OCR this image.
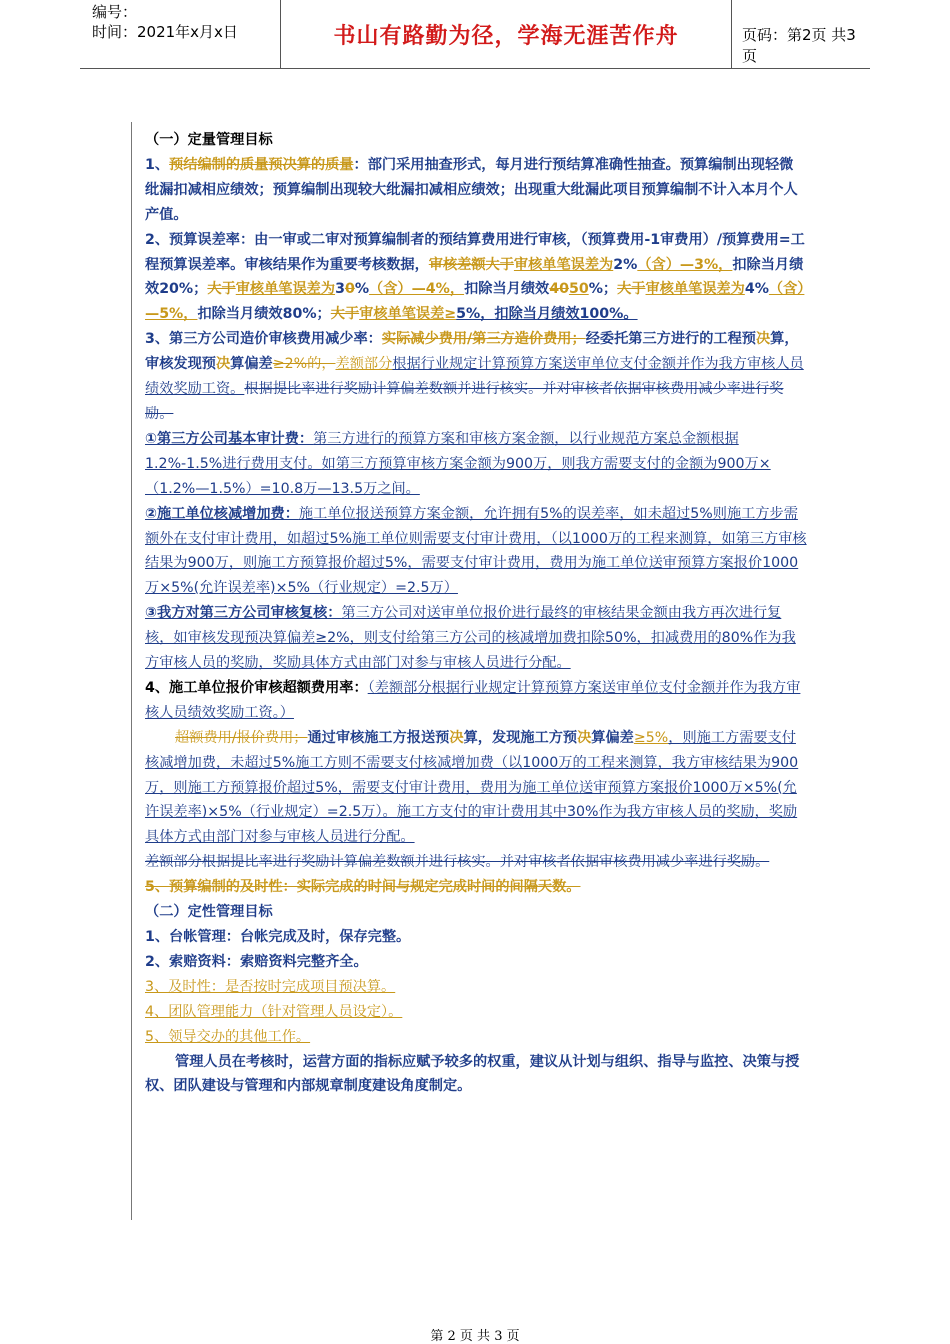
编号：
时间：2021年x月x日	书山有路勤为径，学海无涯苦作舟	页码：第2页 共3页

（一）定量管理目标

1、预结编制的质量预决算的质量：部门采用抽查形式，每月进行预结算准确性抽查。预算编制出现轻微纰漏扣减相应绩效；预算编制出现较大纰漏扣减相应绩效；出现重大纰漏此项目预算编制不计入本月个人产值。

2、预算误差率：由一审或二审对预算编制者的预结算费用进行审核，（预算费用-1审费用）/预算费用=工程预算误差率。审核结果作为重要考核数据，审核差额大于审核单笔误差为2%（含）—3%，扣除当月绩效20%；大于审核单笔误差为30%（含）—4%，扣除当月绩效4050%；大于审核单笔误差为4%（含）—5%，扣除当月绩效80%；大于审核单笔误差≥5%，扣除当月绩效100%。

3、第三方公司造价审核费用减少率：实际减少费用/第三方造价费用；经委托第三方进行的工程预决算，审核发现预决算偏差≥2%的，差额部分根据行业规定计算预算方案送审单位支付金额并作为我方审核人员绩效奖励工资。根据提比率进行奖励计算偏差数额并进行核实。并对审核者依据审核费用减少率进行奖励。

①第三方公司基本审计费：第三方进行的预算方案和审核方案金额，以行业规范方案总金额根据1.2%-1.5%进行费用支付。如第三方预算审核方案金额为900万，则我方需要支付的金额为900万×（1.2%—1.5%）=10.8万—13.5万之间。

②施工单位核减增加费：施工单位报送预算方案金额，允许拥有5%的误差率，如未超过5%则施工方步需额外在支付审计费用，如超过5%施工单位则需要支付审计费用，（以1000万的工程来测算，如第三方审核结果为900万，则施工方预算报价超过5%，需要支付审计费用，费用为施工单位送审预算方案报价1000万×5%(允许误差率)×5%（行业规定）=2.5万）

③我方对第三方公司审核复核：第三方公司对送审单位报价进行最终的审核结果金额由我方再次进行复核，如审核发现预决算偏差≥2%，则支付给第三方公司的核减增加费扣除50%，扣减费用的80%作为我方审核人员的奖励，奖励具体方式由部门对参与审核人员进行分配。

4、施工单位报价审核超额费用率：（差额部分根据行业规定计算预算方案送审单位支付金额并作为我方审核人员绩效奖励工资。）

超额费用/报价费用；通过审核施工方报送预决算，发现施工方预决算偏差≥5%，则施工方需要支付核减增加费，未超过5%施工方则不需要支付核减增加费（以1000万的工程来测算，我方审核结果为900万，则施工方预算报价超过5%，需要支付审计费用，费用为施工单位送审预算方案报价1000万×5%(允许误差率)×5%（行业规定）=2.5万）。施工方支付的审计费用其中30%作为我方审核人员的奖励，奖励具体方式由部门对参与审核人员进行分配。

差额部分根据提比率进行奖励计算偏差数额并进行核实。并对审核者依据审核费用减少率进行奖励。

5、预算编制的及时性：实际完成的时间与规定完成时间的间隔天数。

（二）定性管理目标

1、台帐管理：台帐完成及时，保存完整。

2、索赔资料：索赔资料完整齐全。

3、及时性：是否按时完成项目预决算。

4、团队管理能力（针对管理人员设定）。

5、领导交办的其他工作。

管理人员在考核时，运营方面的指标应赋予较多的权重，建议从计划与组织、指导与监控、决策与授权、团队建设与管理和内部规章制度建设角度制定。

第 2 页 共 3 页
